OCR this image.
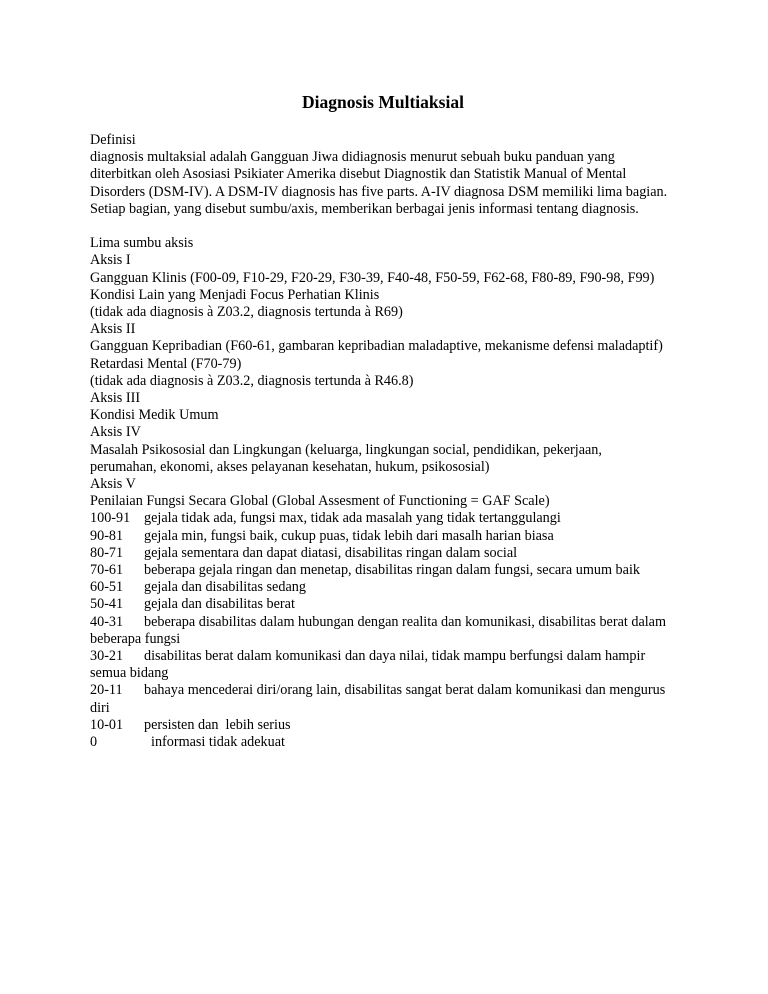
Diagnosis Multiaksial
Definisi
diagnosis multaksial adalah Gangguan Jiwa didiagnosis menurut sebuah buku panduan yang diterbitkan oleh Asosiasi Psikiater Amerika disebut Diagnostik dan Statistik Manual of Mental Disorders (DSM-IV). A DSM-IV diagnosis has five parts. A-IV diagnosa DSM memiliki lima bagian. Setiap bagian, yang disebut sumbu/axis, memberikan berbagai jenis informasi tentang diagnosis.
Lima sumbu aksis
Aksis I
Gangguan Klinis (F00-09, F10-29, F20-29, F30-39, F40-48, F50-59, F62-68, F80-89, F90-98, F99)
Kondisi Lain yang Menjadi Focus Perhatian Klinis
(tidak ada diagnosis à Z03.2, diagnosis tertunda à R69)
Aksis II
Gangguan Kepribadian (F60-61, gambaran kepribadian maladaptive, mekanisme defensi maladaptif)
Retardasi Mental (F70-79)
(tidak ada diagnosis à Z03.2, diagnosis tertunda à R46.8)
Aksis III
Kondisi Medik Umum
Aksis IV
Masalah Psikososial dan Lingkungan (keluarga, lingkungan social, pendidikan, pekerjaan, perumahan, ekonomi, akses pelayanan kesehatan, hukum, psikososial)
Aksis V
Penilaian Fungsi Secara Global (Global Assesment of Functioning = GAF Scale)
100-91 gejala tidak ada, fungsi max, tidak ada masalah yang tidak tertanggulangi
90-81 gejala min, fungsi baik, cukup puas, tidak lebih dari masalh harian biasa
80-71 gejala sementara dan dapat diatasi, disabilitas ringan dalam social
70-61 beberapa gejala ringan dan menetap, disabilitas ringan dalam fungsi, secara umum baik
60-51 gejala dan disabilitas sedang
50-41 gejala dan disabilitas berat
40-31 beberapa disabilitas dalam hubungan dengan realita dan komunikasi, disabilitas berat dalam beberapa fungsi
30-21 disabilitas berat dalam komunikasi dan daya nilai, tidak mampu berfungsi dalam hampir semua bidang
20-11 bahaya mencederai diri/orang lain, disabilitas sangat berat dalam komunikasi dan mengurus diri
10-01 persisten dan  lebih serius
0	informasi tidak adekuat
